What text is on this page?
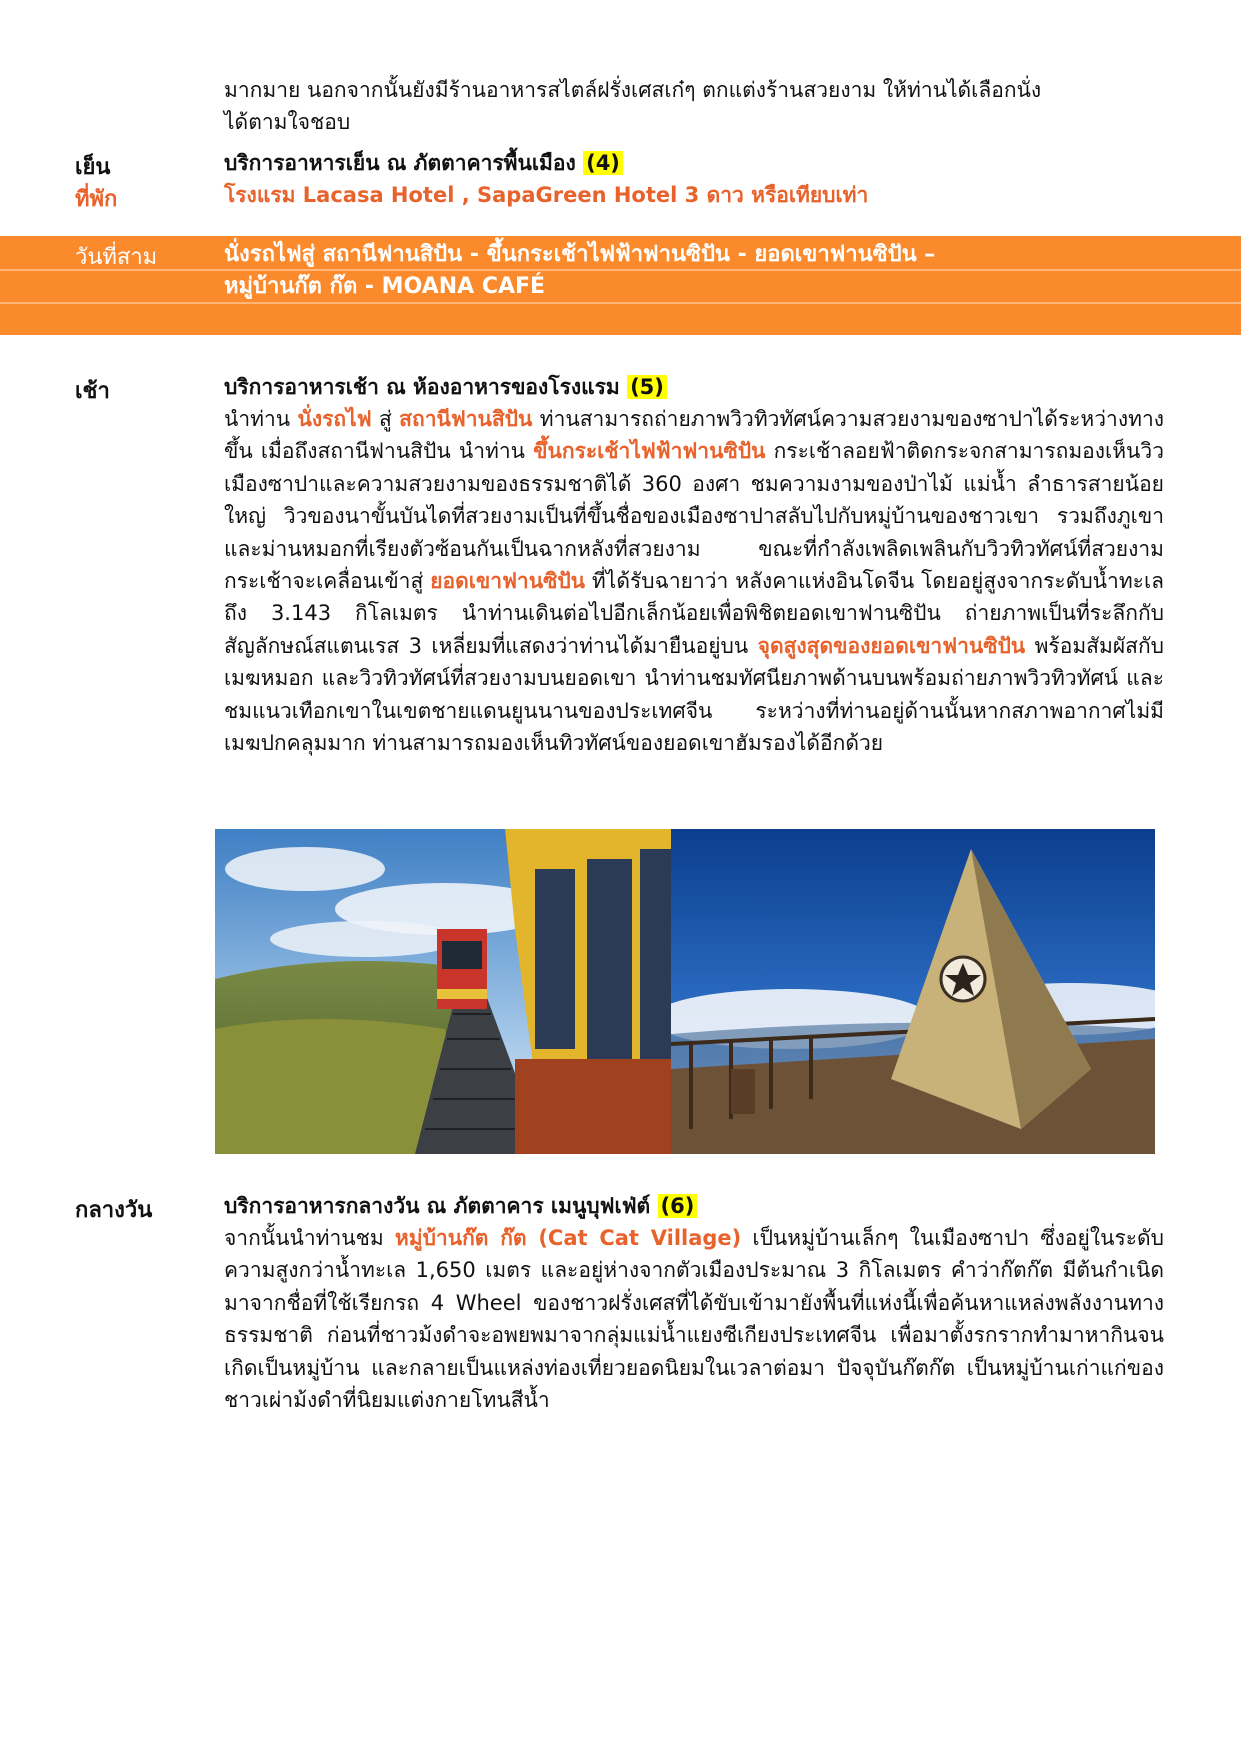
มากมาย นอกจากนั้นยังมีร้านอาหารสไตล์ฝรั่งเศสเก๋ๆ ตกแต่งร้านสวยงาม ให้ท่านได้เลือกนั่ง
ได้ตามใจชอบ
เย็น	บริการอาหารเย็น ณ ภัตตาคารพื้นเมือง (4)
ที่พัก	โรงแรม Lacasa Hotel , SapaGreen Hotel 3 ดาว หรือเทียบเท่า
วันที่สาม	นั่งรถไฟสู่ สถานีฟานสิปัน - ขึ้นกระเช้าไฟฟ้าฟานซิปัน - ยอดเขาฟานซิปัน –
หมู่บ้านก๊ต ก๊ต - MOANA CAFÉ
เช้า	บริการอาหารเช้า ณ ห้องอาหารของโรงแรม (5)
นำท่าน นั่งรถไฟ สู่ สถานีฟานสิปัน ท่านสามารถถ่ายภาพวิวทิวทัศน์ความสวยงามของซาปาได้ระหว่างทางขึ้น เมื่อถึงสถานีฟานสิปัน นำท่าน ขึ้นกระเช้าไฟฟ้าฟานซิปัน กระเช้าลอยฟ้าติดกระจกสามารถมองเห็นวิวเมืองซาปาและความสวยงามของธรรมชาติได้ 360 องศา ชมความงามของป่าไม้ แม่น้ำ ลำธารสายน้อยใหญ่ วิวของนาขั้นบันไดที่สวยงามเป็นที่ขึ้นชื่อของเมืองซาปาสลับไปกับหมู่บ้านของชาวเขา รวมถึงภูเขาและม่านหมอกที่เรียงตัวซ้อนกันเป็นฉากหลังที่สวยงาม ขณะที่กำลังเพลิดเพลินกับวิวทิวทัศน์ที่สวยงามกระเช้าจะเคลื่อนเข้าสู่ ยอดเขาฟานซิปัน ที่ได้รับฉายาว่า หลังคาแห่งอินโดจีน โดยอยู่สูงจากระดับน้ำทะเลถึง 3.143 กิโลเมตร นำท่านเดินต่อไปอีกเล็กน้อยเพื่อพิชิตยอดเขาฟานซิปัน ถ่ายภาพเป็นที่ระลึกกับสัญลักษณ์สแตนเรส 3 เหลี่ยมที่แสดงว่าท่านได้มายืนอยู่บน จุดสูงสุดของยอดเขาฟานซิปัน พร้อมสัมผัสกับเมฆหมอก และวิวทิวทัศน์ที่สวยงามบนยอดเขา นำท่านชมทัศนียภาพด้านบนพร้อมถ่ายภาพวิวทิวทัศน์ และชมแนวเทือกเขาในเขตชายแดนยูนนานของประเทศจีน ระหว่างที่ท่านอยู่ด้านนั้นหากสภาพอากาศไม่มีเมฆปกคลุมมาก ท่านสามารถมองเห็นทิวทัศน์ของยอดเขาฮัมรองได้อีกด้วย
กลางวัน	บริการอาหารกลางวัน ณ ภัตตาคาร เมนูบุฟเฟ่ต์ (6)
จากนั้นนำท่านชม หมู่บ้านก๊ต ก๊ต (Cat Cat Village) เป็นหมู่บ้านเล็กๆ ในเมืองซาปา ซึ่งอยู่ในระดับความสูงกว่าน้ำทะเล 1,650 เมตร และอยู่ห่างจากตัวเมืองประมาณ 3 กิโลเมตร คำว่าก๊ตก๊ต มีต้นกำเนิดมาจากชื่อที่ใช้เรียกรถ 4 Wheel ของชาวฝรั่งเศสที่ได้ขับเข้ามายังพื้นที่แห่งนี้เพื่อค้นหาแหล่งพลังงานทางธรรมชาติ ก่อนที่ชาวม้งดำจะอพยพมาจากลุ่มแม่น้ำแยงซีเกียงประเทศจีน เพื่อมาตั้งรกรากทำมาหากินจนเกิดเป็นหมู่บ้าน และกลายเป็นแหล่งท่องเที่ยวยอดนิยมในเวลาต่อมา ปัจจุบันก๊ตก๊ต เป็นหมู่บ้านเก่าแก่ของชาวเผ่าม้งดำที่นิยมแต่งกายโทนสีน้ำ
